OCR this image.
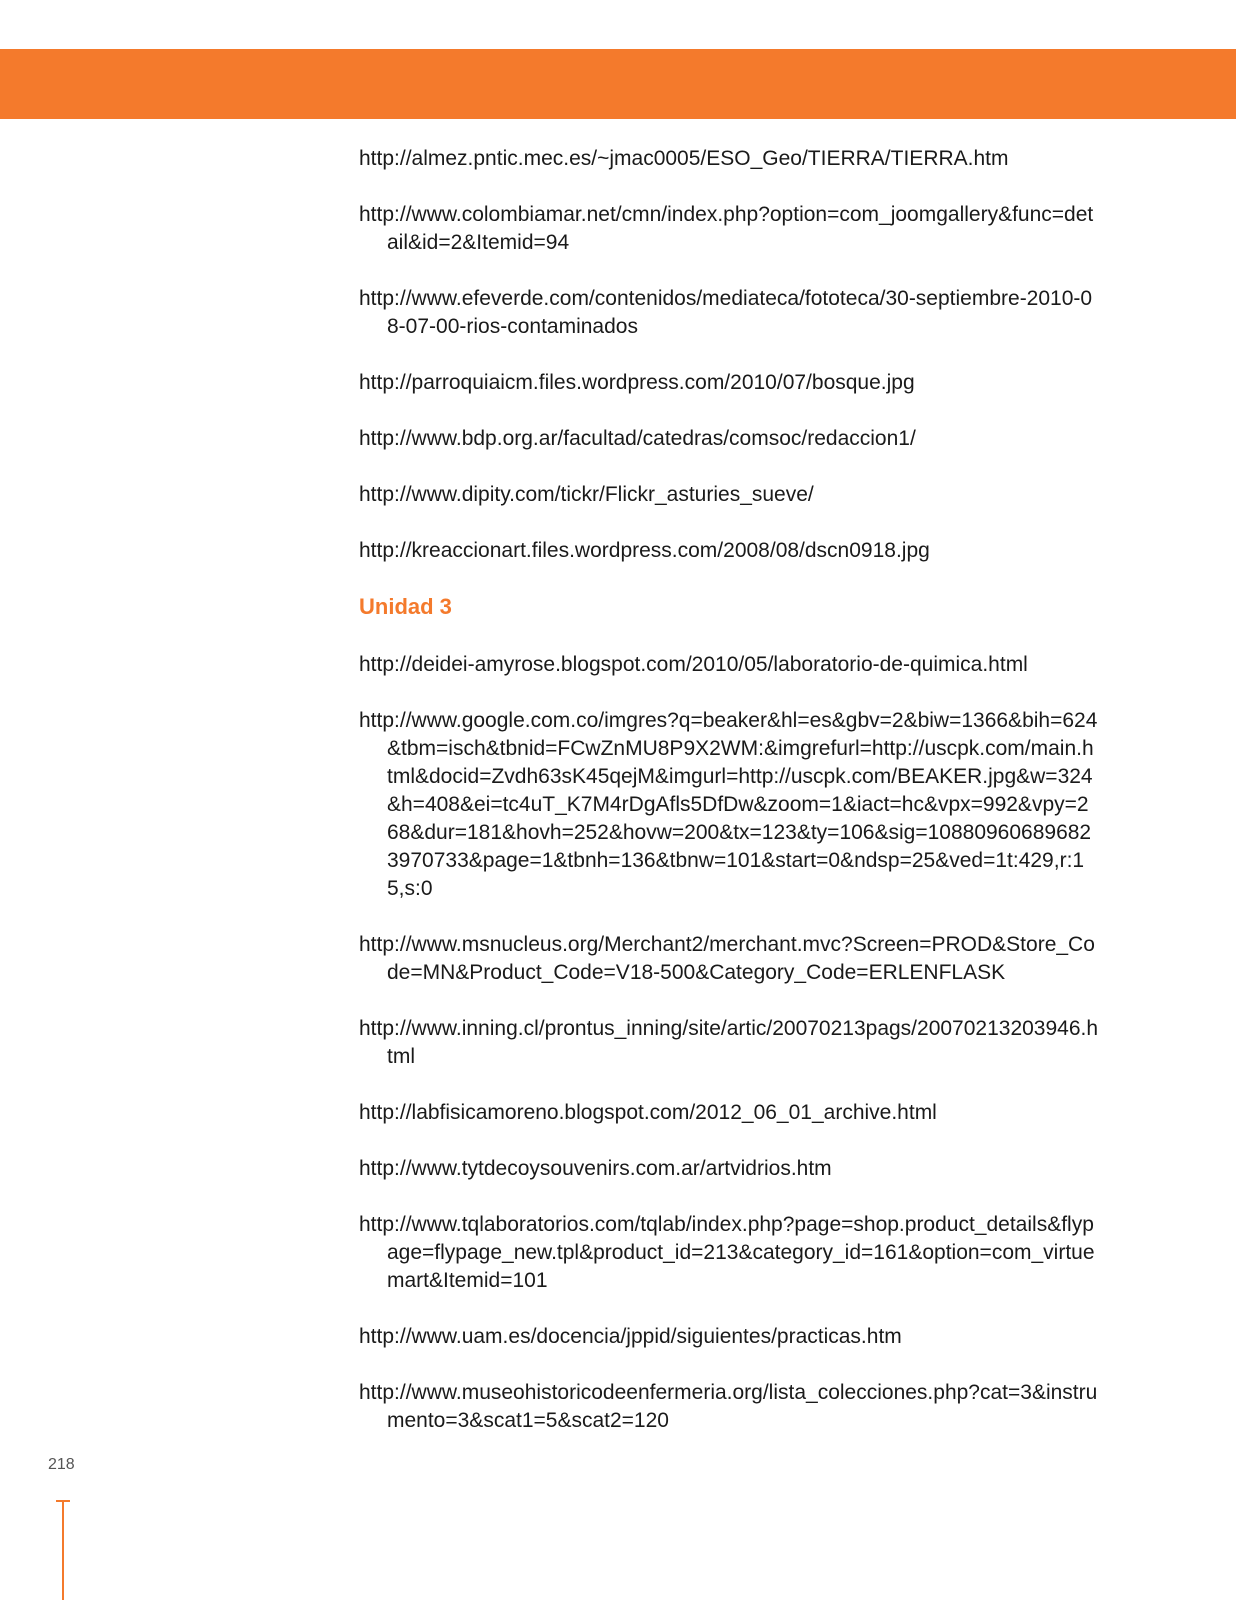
http://almez.pntic.mec.es/~jmac0005/ESO_Geo/TIERRA/TIERRA.htm

http://www.colombiamar.net/cmn/index.php?option=com_joomgallery&func=detail&id=2&Itemid=94

http://www.efeverde.com/contenidos/mediateca/fototeca/30-septiembre-2010-08-07-00-rios-contaminados

http://parroquiaicm.files.wordpress.com/2010/07/bosque.jpg

http://www.bdp.org.ar/facultad/catedras/comsoc/redaccion1/

http://www.dipity.com/tickr/Flickr_asturies_sueve/

http://kreaccionart.files.wordpress.com/2008/08/dscn0918.jpg

Unidad 3

http://deidei-amyrose.blogspot.com/2010/05/laboratorio-de-quimica.html

http://www.google.com.co/imgres?q=beaker&hl=es&gbv=2&biw=1366&bih=624&tbm=isch&tbnid=FCwZnMU8P9X2WM:&imgrefurl=http://uscpk.com/main.html&docid=Zvdh63sK45qejM&imgurl=http://uscpk.com/BEAKER.jpg&w=324&h=408&ei=tc4uT_K7M4rDgAfls5DfDw&zoom=1&iact=hc&vpx=992&vpy=268&dur=181&hovh=252&hovw=200&tx=123&ty=106&sig=108809606896823970733&page=1&tbnh=136&tbnw=101&start=0&ndsp=25&ved=1t:429,r:15,s:0

http://www.msnucleus.org/Merchant2/merchant.mvc?Screen=PROD&Store_Code=MN&Product_Code=V18-500&Category_Code=ERLENFLASK

http://www.inning.cl/prontus_inning/site/artic/20070213pags/20070213203946.html

http://labfisicamoreno.blogspot.com/2012_06_01_archive.html

http://www.tytdecoysouvenirs.com.ar/artvidrios.htm

http://www.tqlaboratorios.com/tqlab/index.php?page=shop.product_details&flypage=flypage_new.tpl&product_id=213&category_id=161&option=com_virtuemart&Itemid=101

http://www.uam.es/docencia/jppid/siguientes/practicas.htm

http://www.museohistoricodeenfermeria.org/lista_colecciones.php?cat=3&instrumento=3&scat1=5&scat2=120

218
